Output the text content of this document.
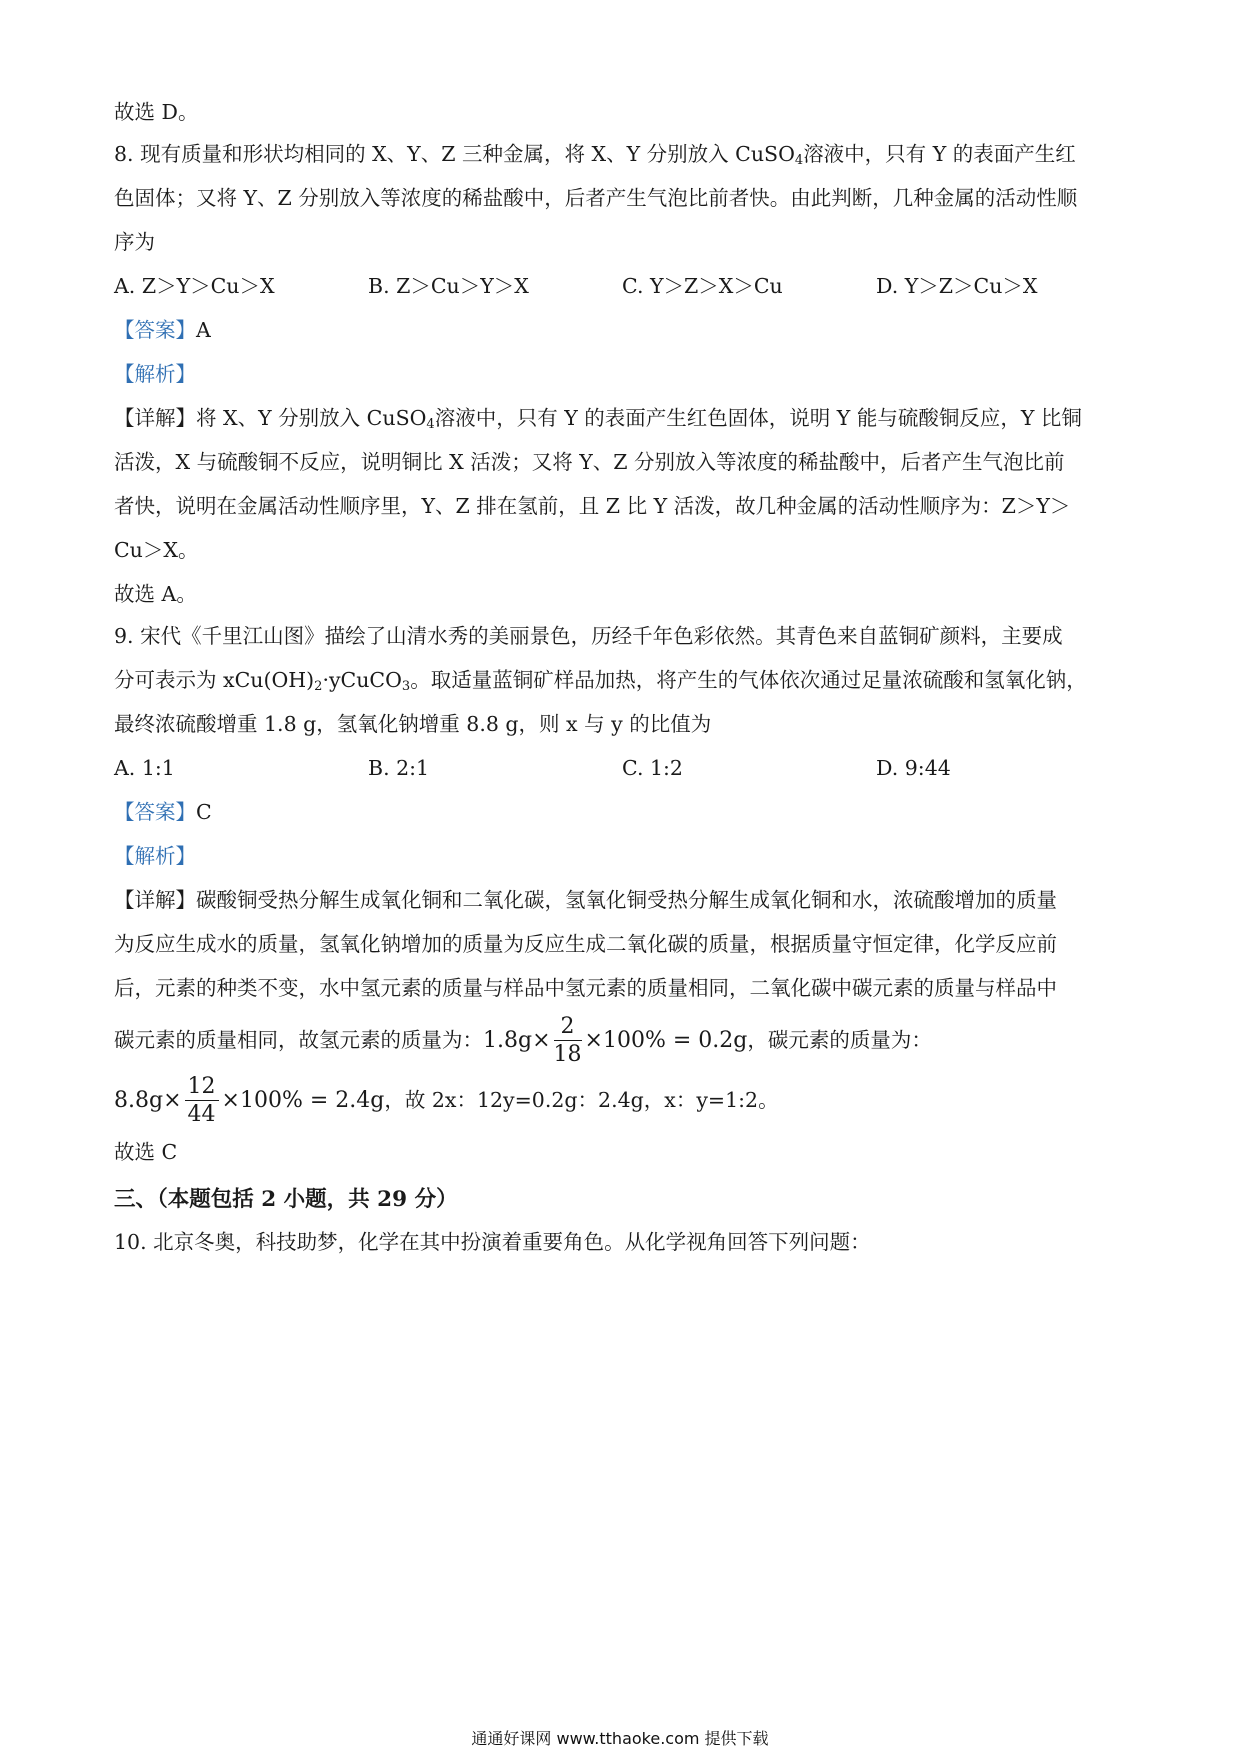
故选 D。
8. 现有质量和形状均相同的 X、Y、Z 三种金属，将 X、Y 分别放入 CuSO$_4$溶液中，只有 Y 的表面产生红
色固体；又将 Y、Z 分别放入等浓度的稀盐酸中，后者产生气泡比前者快。由此判断，几种金属的活动性顺
序为
A. Z＞Y＞Cu＞X	B. Z＞Cu＞Y＞X	C. Y＞Z＞X＞Cu	D. Y＞Z＞Cu＞X
【答案】A
【解析】
【详解】将 X、Y 分别放入 CuSO$_4$溶液中，只有 Y 的表面产生红色固体，说明 Y 能与硫酸铜反应，Y 比铜
活泼，X 与硫酸铜不反应，说明铜比 X 活泼；又将 Y、Z 分别放入等浓度的稀盐酸中，后者产生气泡比前
者快，说明在金属活动性顺序里，Y、Z 排在氢前，且 Z 比 Y 活泼，故几种金属的活动性顺序为：Z＞Y＞
Cu＞X。
故选 A。
9. 宋代《千里江山图》描绘了山清水秀的美丽景色，历经千年色彩依然。其青色来自蓝铜矿颜料，主要成
分可表示为 $xCu(OH)_2\cdot yCuCO_3$。取适量蓝铜矿样品加热，将产生的气体依次通过足量浓硫酸和氢氧化钠，
最终浓硫酸增重 1.8 g，氢氧化钠增重 8.8 g，则 x 与 y 的比值为
A. 1:1	B. 2:1	C. 1:2	D. 9:44
【答案】C
【解析】
【详解】碳酸铜受热分解生成氧化铜和二氧化碳，氢氧化铜受热分解生成氧化铜和水，浓硫酸增加的质量
为反应生成水的质量，氢氧化钠增加的质量为反应生成二氧化碳的质量，根据质量守恒定律，化学反应前
后，元素的种类不变，水中氢元素的质量与样品中氢元素的质量相同，二氧化碳中碳元素的质量与样品中
碳元素的质量相同，故氢元素的质量为：$1.8g\times \frac{2}{18} \times 100\% = 0.2g$，碳元素的质量为：
$8.8g\times \frac{12}{44} \times 100\% = 2.4g$，故 2x：12y=0.2g：2.4g，x：y=1:2。
故选 C
三、（本题包括 2 小题，共 29 分）
10. 北京冬奥，科技助梦，化学在其中扮演着重要角色。从化学视角回答下列问题：
通通好课网 www.tthaoke.com 提供下载
